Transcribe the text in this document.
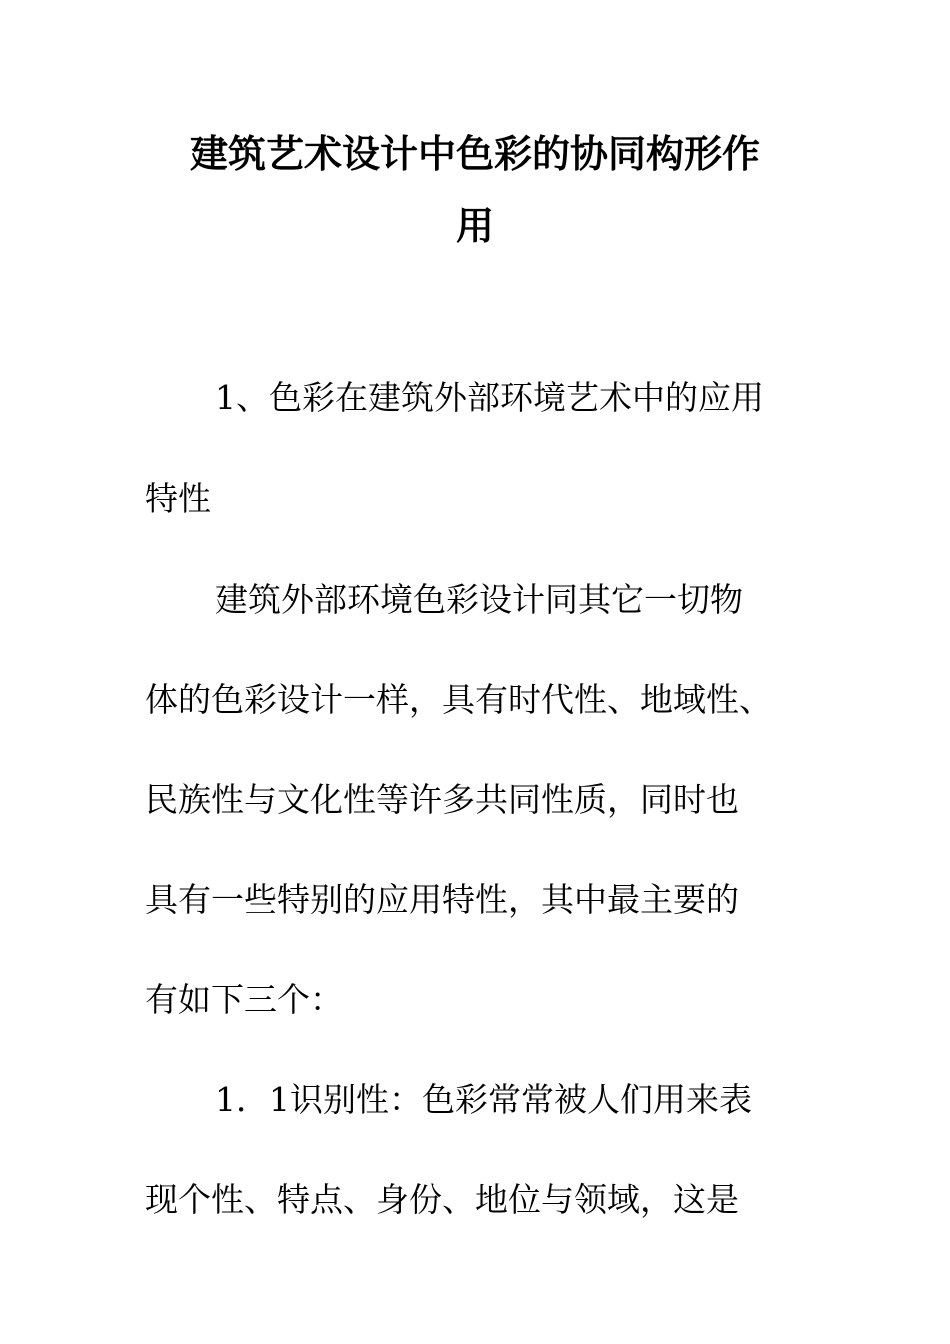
建筑艺术设计中色彩的协同构形作
用

1、色彩在建筑外部环境艺术中的应用

特性

建筑外部环境色彩设计同其它一切物

体的色彩设计一样，具有时代性、地域性、

民族性与文化性等许多共同性质，同时也

具有一些特别的应用特性，其中最主要的

有如下三个：

1．1识别性：色彩常常被人们用来表

现个性、特点、身份、地位与领域，这是
